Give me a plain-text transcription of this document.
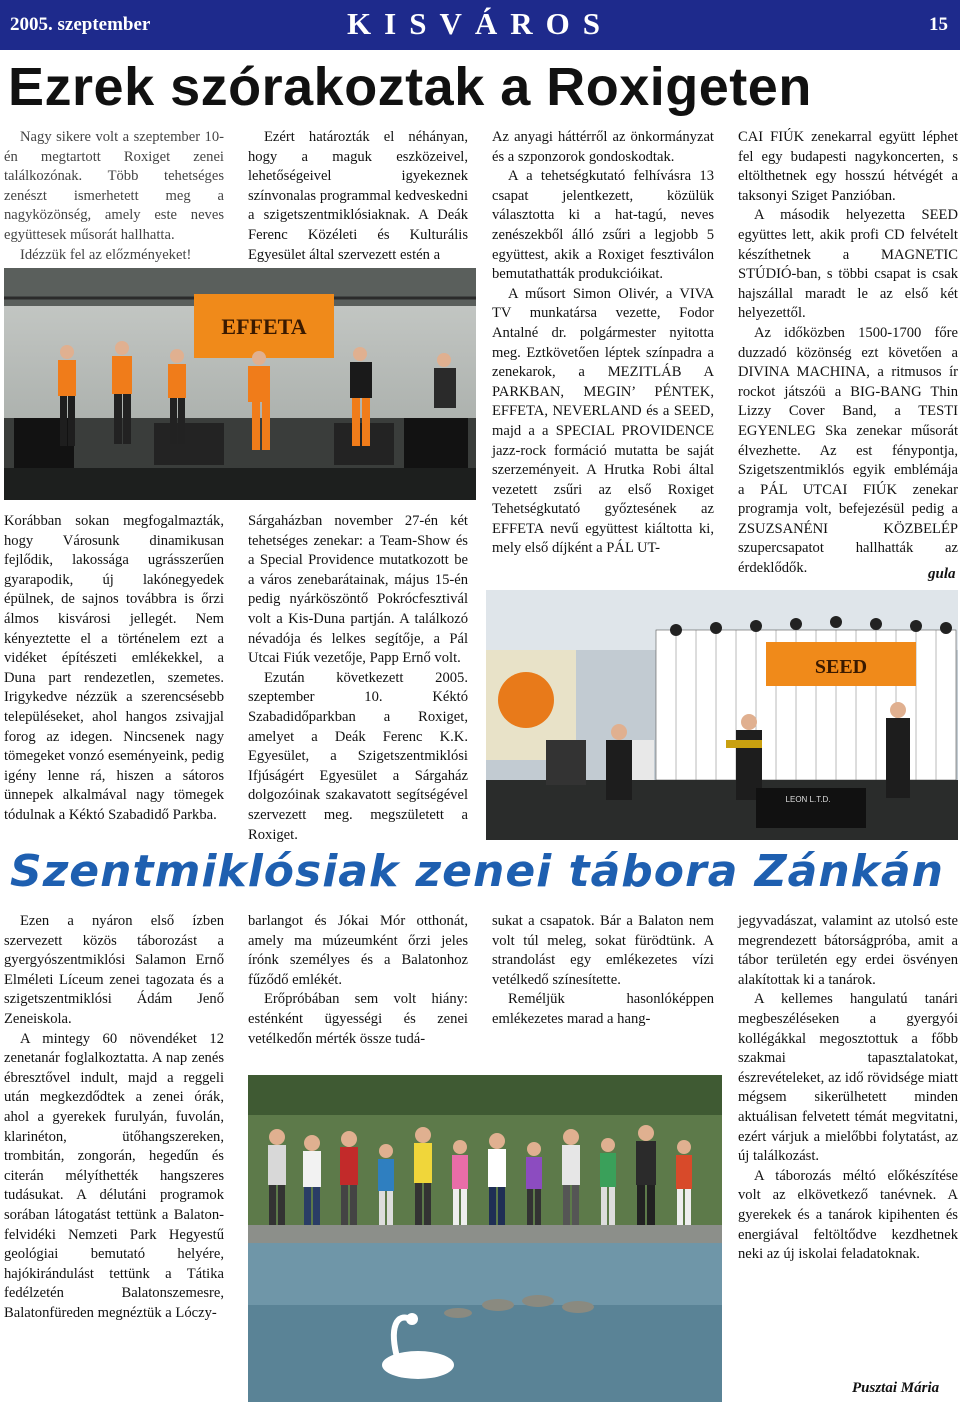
2005. szeptember	KISVÁROS	15
Ezrek szórakoztak a Roxigeten

Nagy sikere volt a szeptember 10-én megtartott Roxiget zenei találkozónak. Több tehetséges zenészt ismerhetett meg a nagyközönség, amely este neves együttesek műsorát hallhatta.

Idézzük fel az előzményeket!

EFFETA

Korábban sokan megfogalmazták, hogy Városunk dinamikusan fejlődik, lakossága ugrásszerűen gyarapodik, új lakónegyedek épülnek, de sajnos továbbra is őrzi álmos kisvárosi jellegét. Nem kényeztette el a történelem ezt a vidéket építészeti emlékekkel, a Duna part rendezetlen, szemetes. Irigykedve nézzük a szerencsésebb településeket, ahol hangos zsivajjal forog az idegen. Nincsenek nagy tömegeket vonzó eseményeink, pedig igény lenne rá, hiszen a sátoros ünnepek alkalmával nagy tömegek tódulnak a Kéktó Szabadidő Parkba.

Ezért határozták el néhányan, hogy a maguk eszközeivel, lehetőségeivel igyekeznek színvonalas programmal kedveskedni a szigetszentmiklósiaknak. A Deák Ferenc Közéleti és Kulturális Egyesület által szervezett estén a

Sárgaházban november 27-én két tehetséges zenekar: a Team-Show és a Special Providence mutatkozott be a város zenebarátainak, május 15-én pedig nyárköszöntő Pokrócfesztivál volt a Kis-Duna partján. A találkozó névadója és lelkes segítője, a Pál Utcai Fiúk vezetője, Papp Ernő volt.

Ezután következett 2005. szeptember 10. Kéktó Szabadidőparkban a Roxiget, amelyet a Deák Ferenc K.K. Egyesület, a Szigetszentmiklósi Ifjúságért Egyesület a Sárgaház dolgozóinak szakavatott segítségével szervezett meg. megszületett a Roxiget.

Az anyagi háttérről az önkormányzat és a szponzorok gondoskodtak.

A a tehetségkutató felhívásra 13 csapat jelentkezett, közülük választotta ki a hat-tagú, neves zenészekből álló zsűri a legjobb 5 együttest, akik a Roxiget fesztiválon bemutathatták produkcióikat.

A műsort Simon Olivér, a VIVA TV munkatársa vezette, Fodor Antalné dr. polgármester nyitotta meg. Eztkövetően léptek színpadra a zenekarok, a MEZITLÁB A PARKBAN, MEGIN’ PÉNTEK, EFFETA, NEVERLAND és a SEED, majd a a SPECIAL PROVIDENCE jazz-rock formáció mutatta be saját szerzeményeit. A Hrutka Robi által vezetett zsűri az első Roxiget Tehetségkutató győztesének az EFFETA nevű együttest kiáltotta ki, mely első díjként a PÁL UT-

CAI FIÚK zenekarral együtt léphet fel egy budapesti nagykoncerten, s eltölthetnek egy hosszú hétvégét a taksonyi Sziget Panzióban.

A második helyezetta SEED együttes lett, akik profi CD felvételt készíthetnek a MAGNETIC STÚDIÓ-ban, s többi csapat is csak hajszállal maradt le az első két helyezettől.

Az időközben 1500-1700 főre duzzadó közönség ezt követően a DIVINA MACHINA, a ritmusos ír rockot játszóü a BIG-BANG Thin Lizzy Cover Band, a TESTI EGYENLEG Ska zenekar műsorát élvezhette. Az est fénypontja, Szigetszentmiklós egyik emblémája a PÁL UTCAI FIÚK zenekar programja volt, befejezésül pedig a ZSUZSANÉNI KÖZBELÉP szupercsapatot hallhatták az érdeklődők.	gula
SEED
LEON L.T.D.
Szentmiklósiak zenei tábora Zánkán

Ezen a nyáron első ízben szervezett közös táborozást a gyergyószentmiklósi Salamon Ernő Elméleti Líceum zenei tagozata és a szigetszentmiklósi Ádám Jenő Zeneiskola.

A mintegy 60 növendéket 12 zenetanár foglalkoztatta. A nap zenés ébresztővel indult, majd a reggeli után megkezdődtek a zenei órák, ahol a gyerekek furulyán, fuvolán, klarinéton, ütőhangszereken, trombitán, zongorán, hegedűn és citerán mélyíthették hangszeres tudásukat. A délutáni programok sorában látogatást tettünk a Balaton-felvidéki Nemzeti Park Hegyestű geológiai bemutató helyére, hajókirándulást tettünk a Tátika fedélzetén Balatonszemesre, Balatonfüreden megnéztük a Lóczy-

barlangot és Jókai Mór otthonát, amely ma múzeumként őrzi jeles írónk személyes és a Balatonhoz fűződő emlékét.

Erőpróbában sem volt hiány: esténként ügyességi és zenei vetélkedőn mérték össze tudá-

sukat a csapatok. Bár a Balaton nem volt túl meleg, sokat fürödtünk. A strandolást egy emlékezetes vízi vetélkedő színesítette.

Reméljük hasonlóképpen emlékezetes marad a hang-

jegyvadászat, valamint az utolsó este megrendezett bátorságpróba, amit a tábor területén egy erdei ösvényen alakítottak ki a tanárok.

A kellemes hangulatú tanári megbeszéléseken a gyergyói kollégákkal megosztottuk a főbb szakmai tapasztalatokat, észrevételeket, az idő rövidsége miatt mégsem sikerülhetett minden aktuálisan felvetett témát megvitatni, ezért várjuk a mielőbbi folytatást, az új találkozást.

A táborozás méltó előkészítése volt az elkövetkező tanévnek. A gyerekek és a tanárok kipihenten és energiával feltöltődve kezdhetnek neki az új iskolai feladatoknak.

Pusztai Mária
